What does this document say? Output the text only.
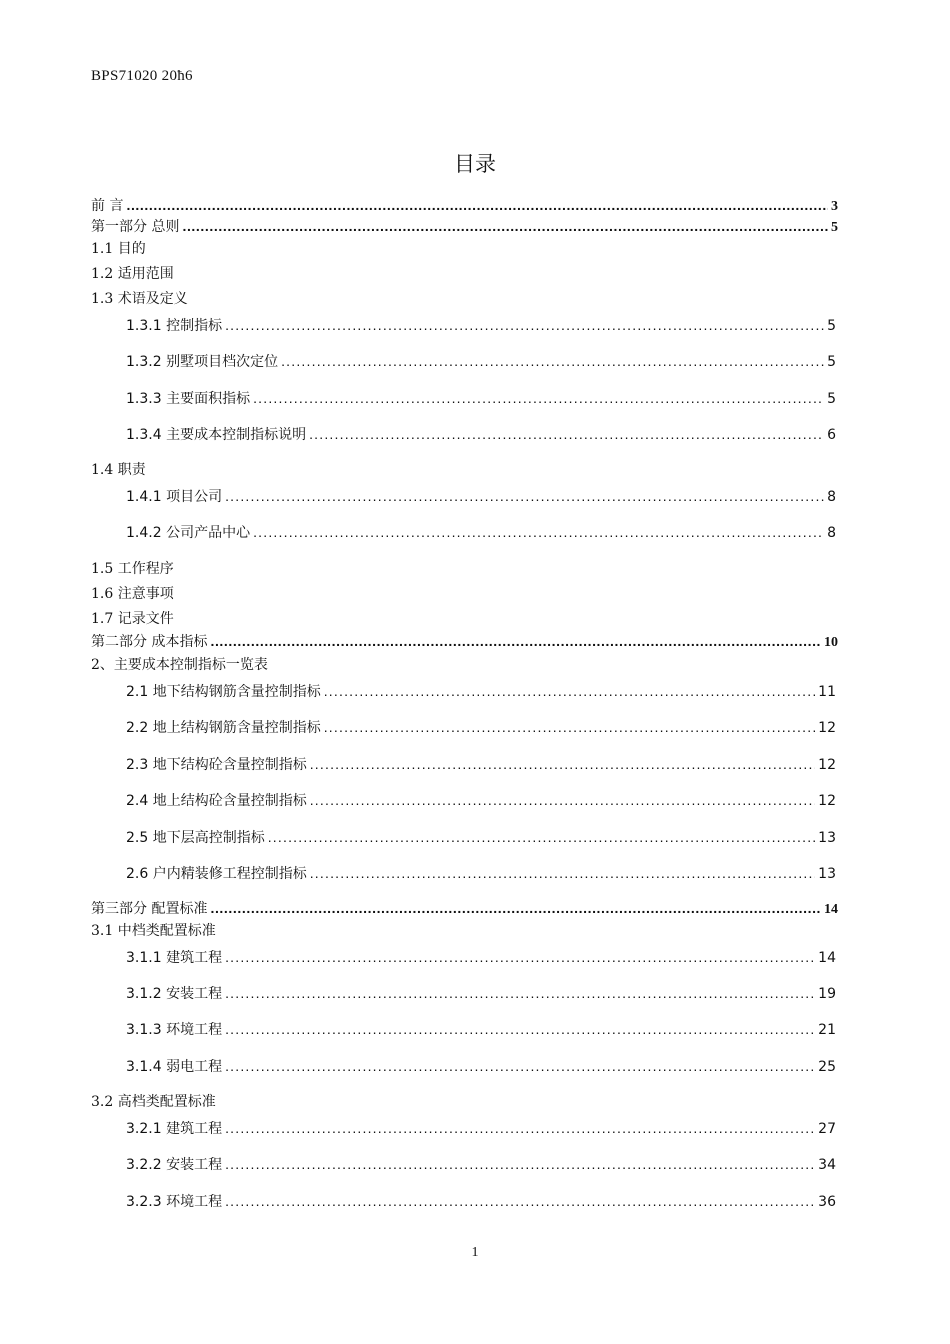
BPS71020 20ħ6
目录
前 言 .....	3
第一部分 总则 .....	5
1.1 目的
1.2 适用范围
1.3 术语及定义
1.3.1 控制指标 .....	5
1.3.2 别墅项目档次定位 .....	5
1.3.3 主要面积指标 .....	5
1.3.4 主要成本控制指标说明 .....	6
1.4 职责
1.4.1 项目公司 .....	8
1.4.2 公司产品中心 .....	8
1.5 工作程序
1.6 注意事项
1.7 记录文件
第二部分 成本指标 .....	10
2、主要成本控制指标一览表
2.1 地下结构钢筋含量控制指标 .....	11
2.2 地上结构钢筋含量控制指标 .....	12
2.3 地下结构砼含量控制指标 .....	12
2.4 地上结构砼含量控制指标 .....	12
2.5 地下层高控制指标 .....	13
2.6 户内精装修工程控制指标 .....	13
第三部分 配置标准 .....	14
3.1 中档类配置标准
3.1.1 建筑工程 .....	14
3.1.2 安装工程 .....	19
3.1.3 环境工程 .....	21
3.1.4 弱电工程 .....	25
3.2 高档类配置标准
3.2.1 建筑工程 .....	27
3.2.2 安装工程 .....	34
3.2.3 环境工程 .....	36
1
